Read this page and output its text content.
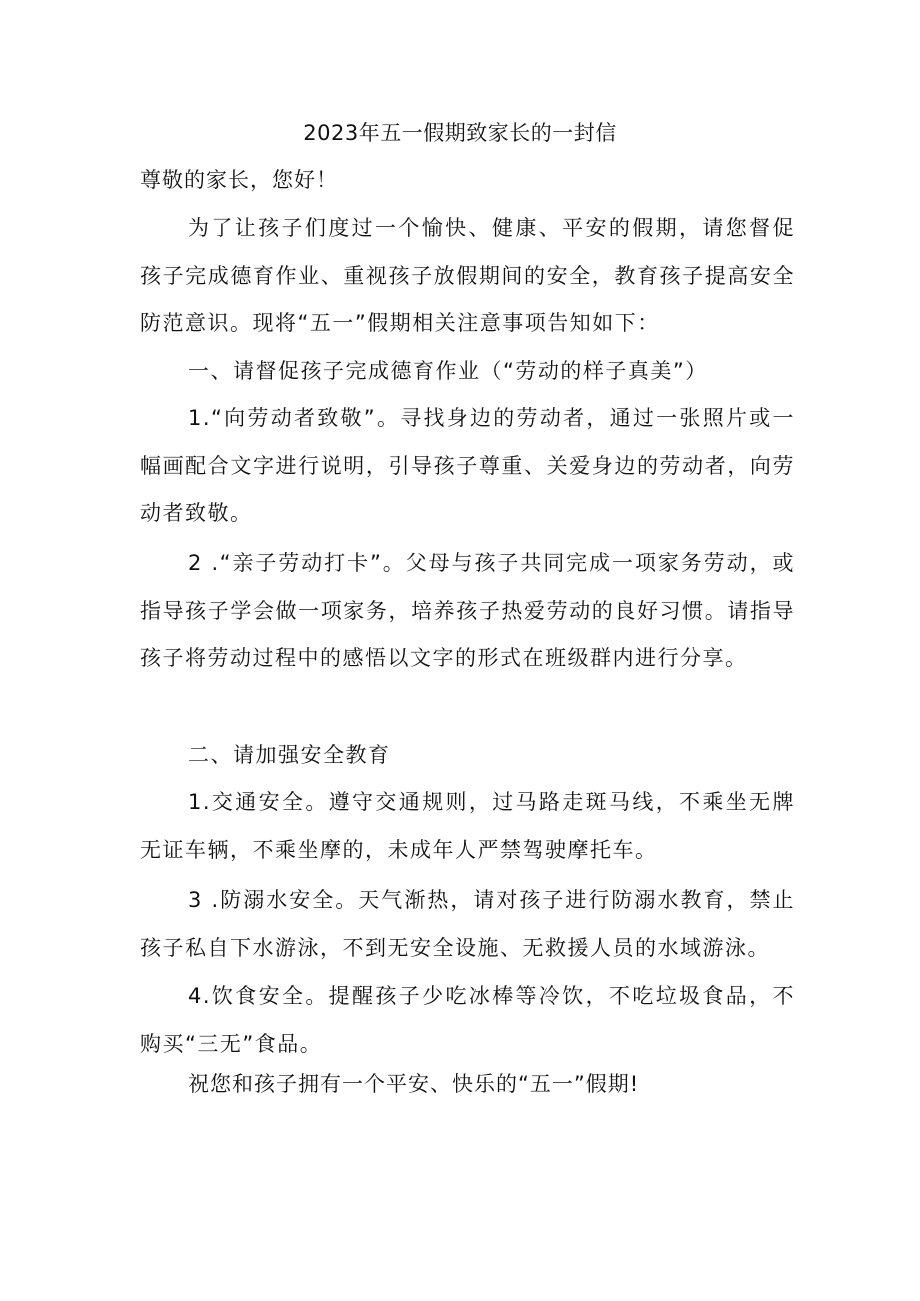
2023年五一假期致家长的一封信
尊敬的家长，您好！

为了让孩子们度过一个愉快、健康、平安的假期，请您督促孩子完成德育作业、重视孩子放假期间的安全，教育孩子提高安全防范意识。现将“五一”假期相关注意事项告知如下：

一、请督促孩子完成德育作业（“劳动的样子真美”）

1.“向劳动者致敬”。寻找身边的劳动者，通过一张照片或一幅画配合文字进行说明，引导孩子尊重、关爱身边的劳动者，向劳动者致敬。

2 .“亲子劳动打卡”。父母与孩子共同完成一项家务劳动，或指导孩子学会做一项家务，培养孩子热爱劳动的良好习惯。请指导孩子将劳动过程中的感悟以文字的形式在班级群内进行分享。

二、请加强安全教育

1.交通安全。遵守交通规则，过马路走斑马线，不乘坐无牌无证车辆，不乘坐摩的，未成年人严禁驾驶摩托车。

3 .防溺水安全。天气渐热，请对孩子进行防溺水教育，禁止孩子私自下水游泳，不到无安全设施、无救援人员的水域游泳。

4.饮食安全。提醒孩子少吃冰棒等冷饮，不吃垃圾食品，不购买“三无”食品。

祝您和孩子拥有一个平安、快乐的“五一”假期!
